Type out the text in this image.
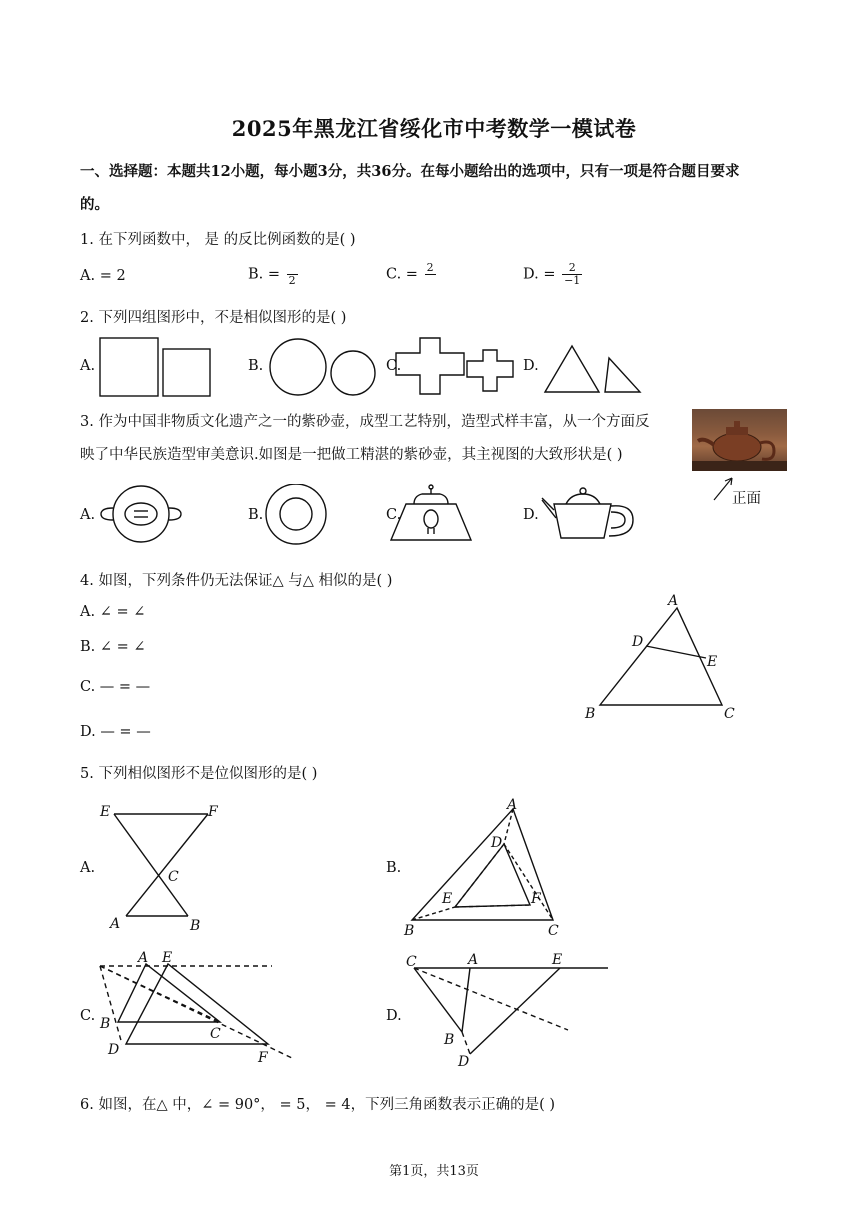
2025年黑龙江省绥化市中考数学一模试卷
一、选择题：本题共12小题，每小题3分，共36分。在每小题给出的选项中，只有一项是符合题目要求
的。
1. 在下列函数中， 是 的反比例函数的是( )
A. = 2	B. =
2	C. = 2
	D. = $\frac{2}{-1}$
2. 下列四组图形中，不是相似图形的是( )
A.	B.	C.	D.
3. 作为中国非物质文化遗产之一的紫砂壶，成型工艺特别，造型式样丰富，从一个方面反
映了中华民族造型审美意识.如图是一把做工精湛的紫砂壶，其主视图的大致形状是( )
正面
A.	B.	C.	D.
4. 如图，下列条件仍无法保证△ 与△ 相似的是( )
A. ∠ = ∠
B. ∠ = ∠
C. — = —
D. — = —
A
D
E
B	C
5. 下列相似图形不是位似图形的是( )
A.	B.
C.	D.
E	F
C
A	B
A
D
E	F
B	C
A E
B
C
D	F
C	A	E
B
D
6. 如图，在△ 中，∠ = 90°， = 5， = 4，下列三角函数表示正确的是( )
第1页，共13页
